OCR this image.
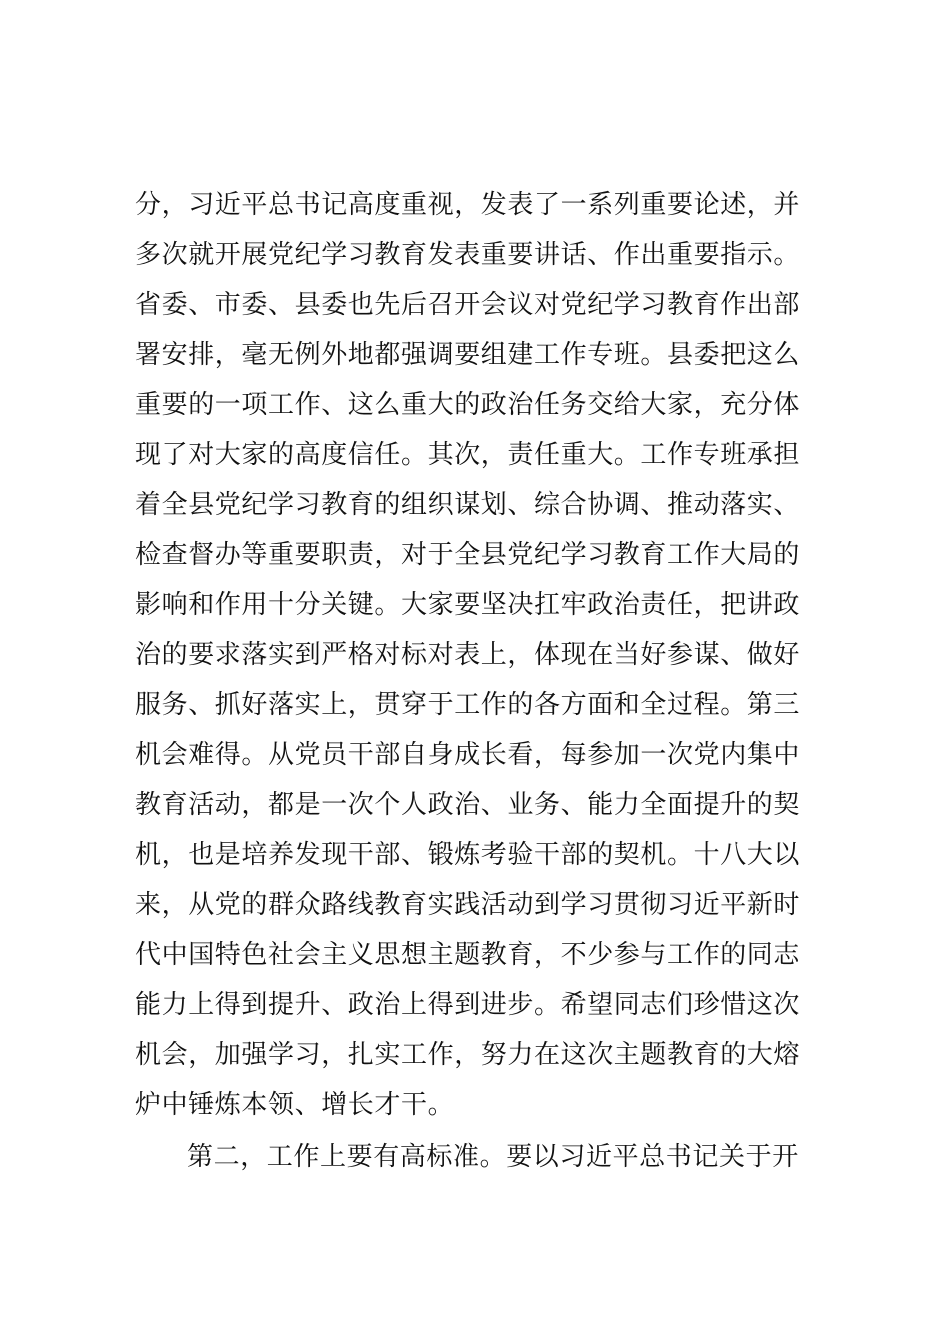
分，习近平总书记高度重视，发表了一系列重要论述，并
多次就开展党纪学习教育发表重要讲话、作出重要指示。
省委、市委、县委也先后召开会议对党纪学习教育作出部
署安排，毫无例外地都强调要组建工作专班。县委把这么
重要的一项工作、这么重大的政治任务交给大家，充分体
现了对大家的高度信任。其次，责任重大。工作专班承担
着全县党纪学习教育的组织谋划、综合协调、推动落实、
检查督办等重要职责，对于全县党纪学习教育工作大局的
影响和作用十分关键。大家要坚决扛牢政治责任，把讲政
治的要求落实到严格对标对表上，体现在当好参谋、做好
服务、抓好落实上，贯穿于工作的各方面和全过程。第三
机会难得。从党员干部自身成长看，每参加一次党内集中
教育活动，都是一次个人政治、业务、能力全面提升的契
机，也是培养发现干部、锻炼考验干部的契机。十八大以
来，从党的群众路线教育实践活动到学习贯彻习近平新时
代中国特色社会主义思想主题教育，不少参与工作的同志
能力上得到提升、政治上得到进步。希望同志们珍惜这次
机会，加强学习，扎实工作，努力在这次主题教育的大熔
炉中锤炼本领、增长才干。
第二，工作上要有高标准。要以习近平总书记关于开
